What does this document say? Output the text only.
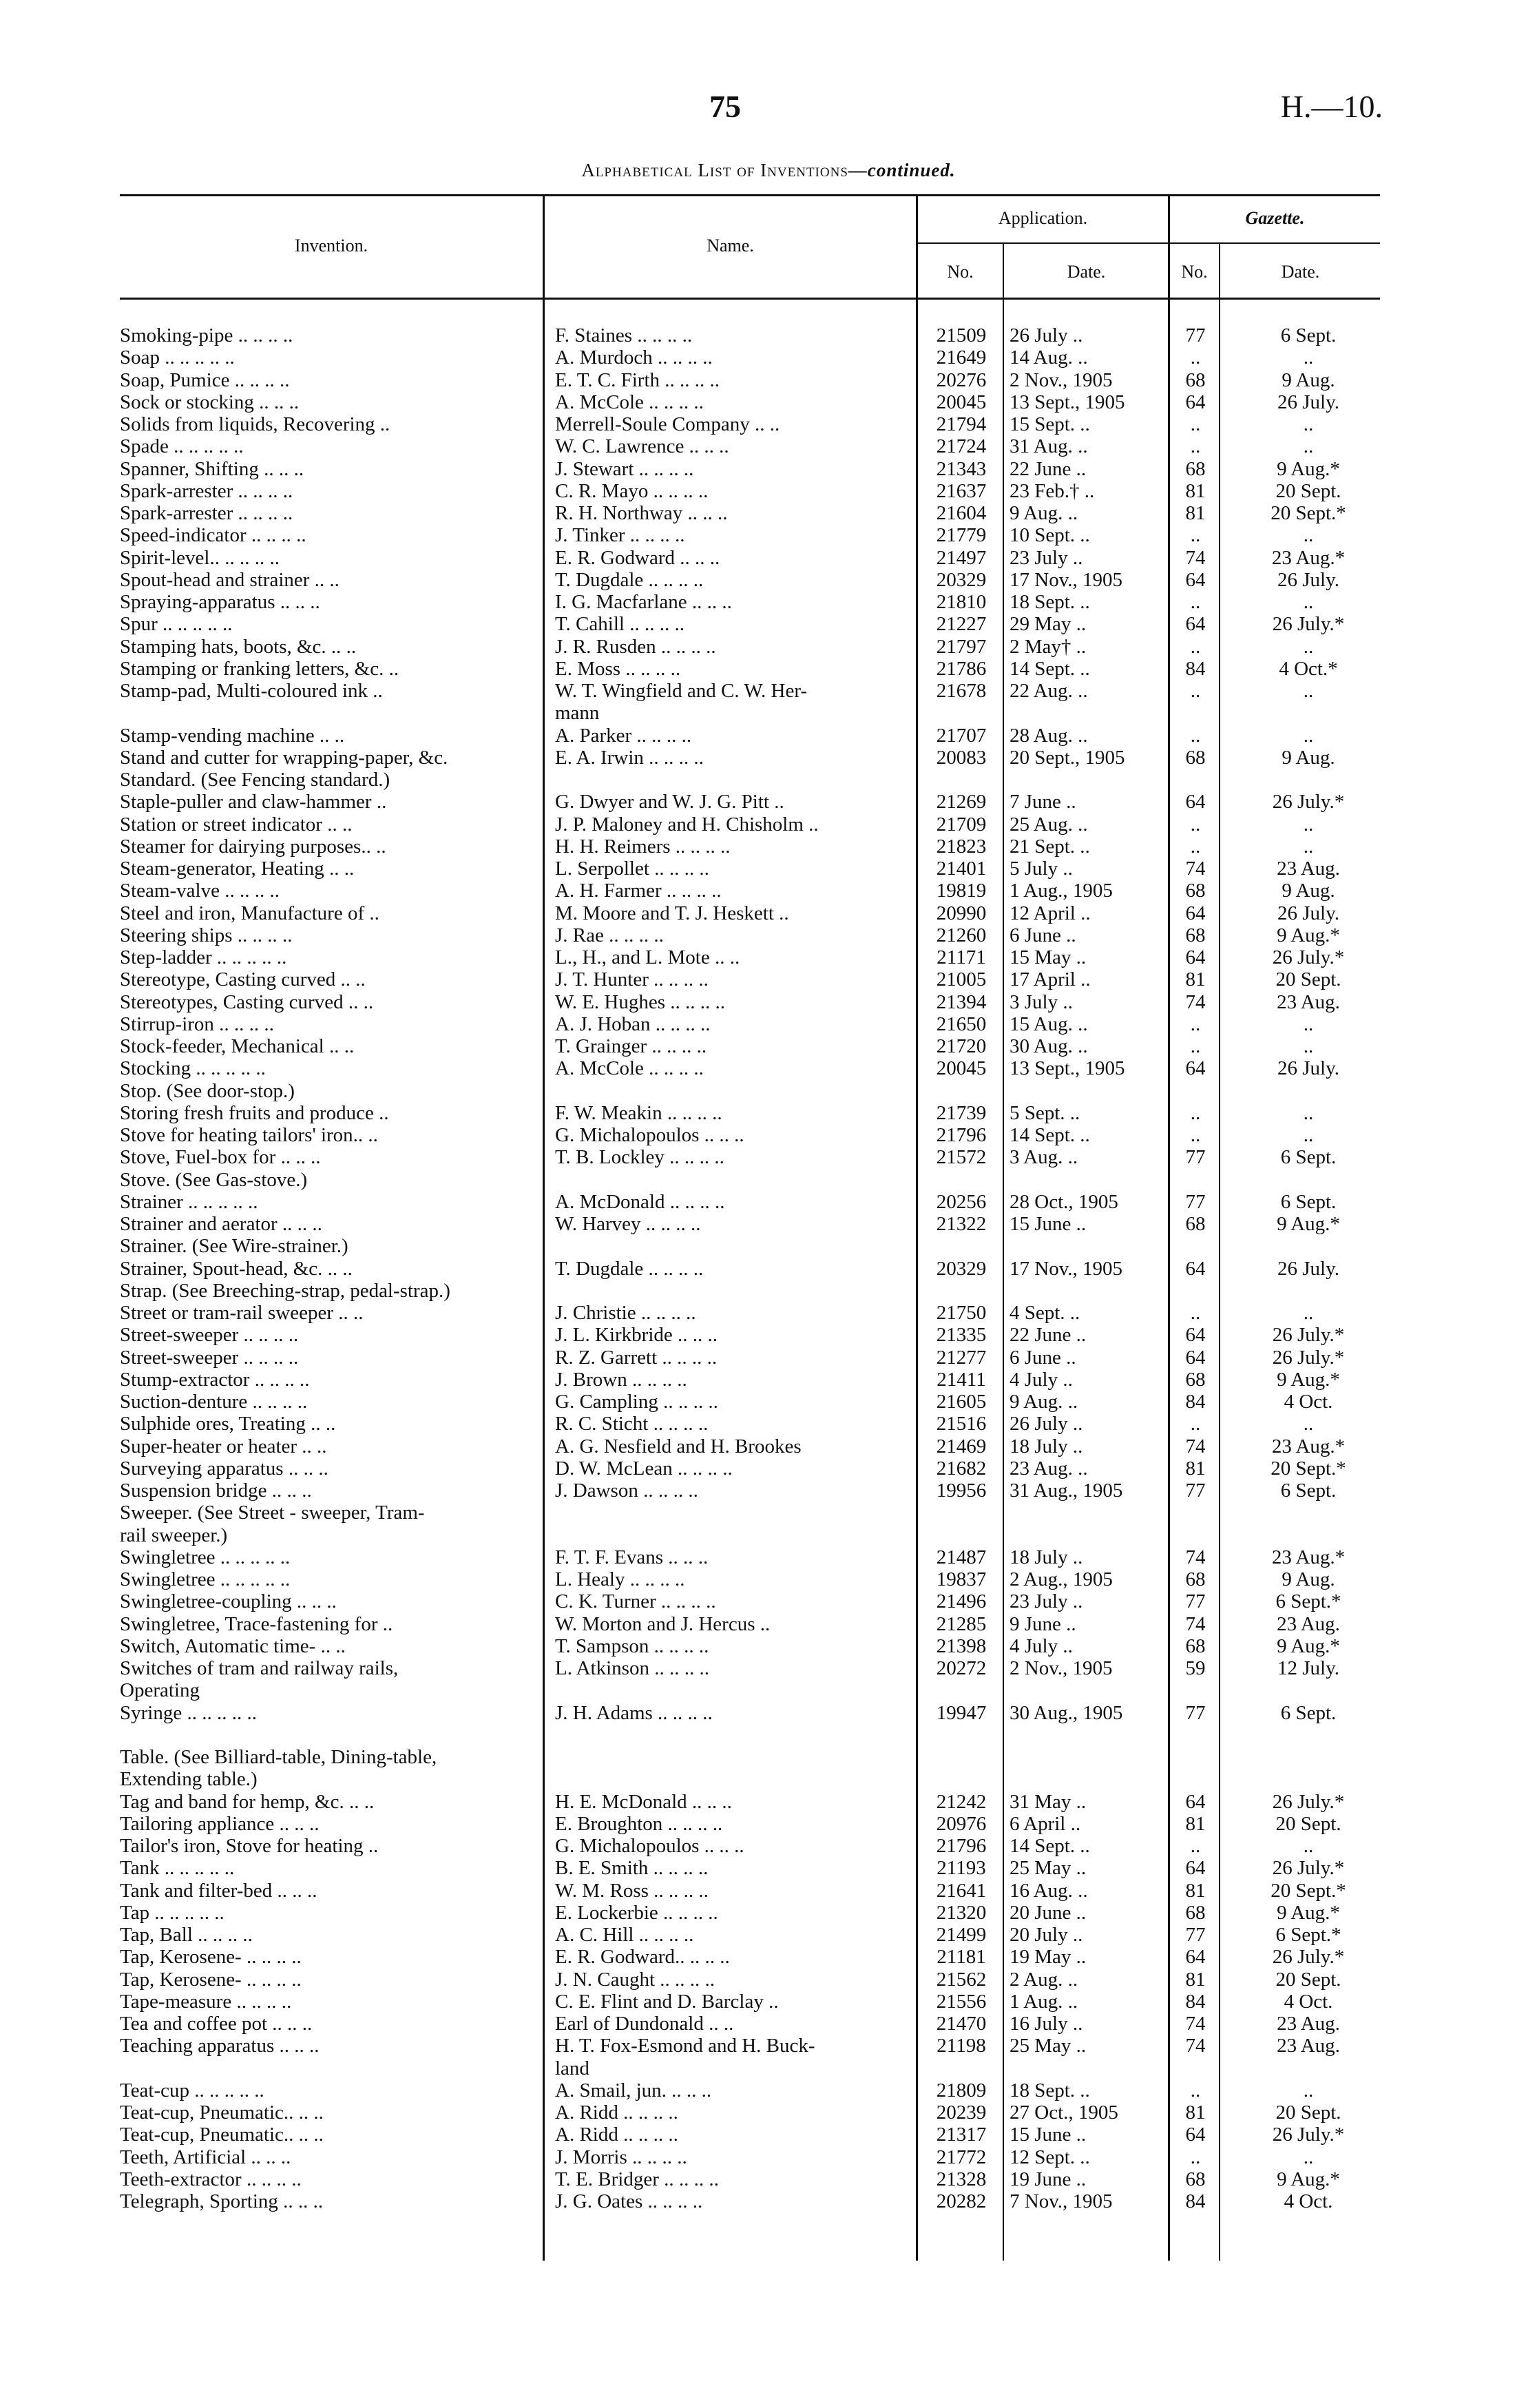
75	H.—10.
Alphabetical List of Inventions—continued.
Invention.	Name.
Application.	Gazette.
No.	Date.	No.	Date.
Smoking-pipe .. .. .. ..	F. Staines .. .. .. ..	21509	26 July ..	77	6 Sept.
Soap .. .. .. .. ..	A. Murdoch .. .. .. ..	21649	14 Aug. ..	..	..
Soap, Pumice .. .. .. ..	E. T. C. Firth .. .. .. ..	20276	2 Nov., 1905	68	9 Aug.
Sock or stocking .. .. ..	A. McCole .. .. .. ..	20045	13 Sept., 1905	64	26 July.
Solids from liquids, Recovering ..	Merrell-Soule Company .. ..	21794	15 Sept. ..	..	..
Spade .. .. .. .. ..	W. C. Lawrence .. .. ..	21724	31 Aug. ..	..	..
Spanner, Shifting .. .. ..	J. Stewart .. .. .. ..	21343	22 June ..	68	9 Aug.*
Spark-arrester .. .. .. ..	C. R. Mayo .. .. .. ..	21637	23 Feb.† ..	81	20 Sept.
Spark-arrester .. .. .. ..	R. H. Northway .. .. ..	21604	9 Aug. ..	81	20 Sept.*
Speed-indicator .. .. .. ..	J. Tinker .. .. .. ..	21779	10 Sept. ..	..	..
Spirit-level.. .. .. .. ..	E. R. Godward .. .. ..	21497	23 July ..	74	23 Aug.*
Spout-head and strainer .. ..	T. Dugdale .. .. .. ..	20329	17 Nov., 1905	64	26 July.
Spraying-apparatus .. .. ..	I. G. Macfarlane .. .. ..	21810	18 Sept. ..	..	..
Spur .. .. .. .. ..	T. Cahill .. .. .. ..	21227	29 May ..	64	26 July.*
Stamping hats, boots, &c. .. ..	J. R. Rusden .. .. .. ..	21797	2 May† ..	..	..
Stamping or franking letters, &c. ..	E. Moss .. .. .. ..	21786	14 Sept. ..	84	4 Oct.*
Stamp-pad, Multi-coloured ink ..	W. T. Wingfield and C. W. Her-	21678	22 Aug. ..	..	..
mann
Stamp-vending machine .. ..	A. Parker .. .. .. ..	21707	28 Aug. ..	..	..
Stand and cutter for wrapping-paper, &c.	E. A. Irwin .. .. .. ..	20083	20 Sept., 1905	68	9 Aug.
Standard. (See Fencing standard.)
Staple-puller and claw-hammer ..	G. Dwyer and W. J. G. Pitt ..	21269	7 June ..	64	26 July.*
Station or street indicator .. ..	J. P. Maloney and H. Chisholm ..	21709	25 Aug. ..	..	..
Steamer for dairying purposes.. ..	H. H. Reimers .. .. .. ..	21823	21 Sept. ..	..	..
Steam-generator, Heating .. ..	L. Serpollet .. .. .. ..	21401	5 July ..	74	23 Aug.
Steam-valve .. .. .. ..	A. H. Farmer .. .. .. ..	19819	1 Aug., 1905	68	9 Aug.
Steel and iron, Manufacture of ..	M. Moore and T. J. Heskett ..	20990	12 April ..	64	26 July.
Steering ships .. .. .. ..	J. Rae .. .. .. ..	21260	6 June ..	68	9 Aug.*
Step-ladder .. .. .. .. ..	L., H., and L. Mote .. ..	21171	15 May ..	64	26 July.*
Stereotype, Casting curved .. ..	J. T. Hunter .. .. .. ..	21005	17 April ..	81	20 Sept.
Stereotypes, Casting curved .. ..	W. E. Hughes .. .. .. ..	21394	3 July ..	74	23 Aug.
Stirrup-iron .. .. .. ..	A. J. Hoban .. .. .. ..	21650	15 Aug. ..	..	..
Stock-feeder, Mechanical .. ..	T. Grainger .. .. .. ..	21720	30 Aug. ..	..	..
Stocking .. .. .. .. ..	A. McCole .. .. .. ..	20045	13 Sept., 1905	64	26 July.
Stop. (See door-stop.)
Storing fresh fruits and produce ..	F. W. Meakin .. .. .. ..	21739	5 Sept. ..	..	..
Stove for heating tailors' iron.. ..	G. Michalopoulos .. .. ..	21796	14 Sept. ..	..	..
Stove, Fuel-box for .. .. ..	T. B. Lockley .. .. .. ..	21572	3 Aug. ..	77	6 Sept.
Stove. (See Gas-stove.)
Strainer .. .. .. .. ..	A. McDonald .. .. .. ..	20256	28 Oct., 1905	77	6 Sept.
Strainer and aerator .. .. ..	W. Harvey .. .. .. ..	21322	15 June ..	68	9 Aug.*
Strainer. (See Wire-strainer.)
Strainer, Spout-head, &c. .. ..	T. Dugdale .. .. .. ..	20329	17 Nov., 1905	64	26 July.
Strap. (See Breeching-strap, pedal-strap.)
Street or tram-rail sweeper .. ..	J. Christie .. .. .. ..	21750	4 Sept. ..	..	..
Street-sweeper .. .. .. ..	J. L. Kirkbride .. .. ..	21335	22 June ..	64	26 July.*
Street-sweeper .. .. .. ..	R. Z. Garrett .. .. .. ..	21277	6 June ..	64	26 July.*
Stump-extractor .. .. .. ..	J. Brown .. .. .. ..	21411	4 July ..	68	9 Aug.*
Suction-denture .. .. .. ..	G. Campling .. .. .. ..	21605	9 Aug. ..	84	4 Oct.
Sulphide ores, Treating .. ..	R. C. Sticht .. .. .. ..	21516	26 July ..	..	..
Super-heater or heater .. ..	A. G. Nesfield and H. Brookes	21469	18 July ..	74	23 Aug.*
Surveying apparatus .. .. ..	D. W. McLean .. .. .. ..	21682	23 Aug. ..	81	20 Sept.*
Suspension bridge .. .. ..	J. Dawson .. .. .. ..	19956	31 Aug., 1905	77	6 Sept.
Sweeper. (See Street - sweeper, Tram-
rail sweeper.)
Swingletree .. .. .. .. ..	F. T. F. Evans .. .. ..	21487	18 July ..	74	23 Aug.*
Swingletree .. .. .. .. ..	L. Healy .. .. .. ..	19837	2 Aug., 1905	68	9 Aug.
Swingletree-coupling .. .. ..	C. K. Turner .. .. .. ..	21496	23 July ..	77	6 Sept.*
Swingletree, Trace-fastening for ..	W. Morton and J. Hercus ..	21285	9 June ..	74	23 Aug.
Switch, Automatic time- .. ..	T. Sampson .. .. .. ..	21398	4 July ..	68	9 Aug.*
Switches of tram and railway rails,	L. Atkinson .. .. .. ..	20272	2 Nov., 1905	59	12 July.
Operating
Syringe .. .. .. .. ..	J. H. Adams .. .. .. ..	19947	30 Aug., 1905	77	6 Sept.
Table. (See Billiard-table, Dining-table,
Extending table.)
Tag and band for hemp, &c. .. ..	H. E. McDonald .. .. ..	21242	31 May ..	64	26 July.*
Tailoring appliance .. .. ..	E. Broughton .. .. .. ..	20976	6 April ..	81	20 Sept.
Tailor's iron, Stove for heating ..	G. Michalopoulos .. .. ..	21796	14 Sept. ..	..	..
Tank .. .. .. .. ..	B. E. Smith .. .. .. ..	21193	25 May ..	64	26 July.*
Tank and filter-bed .. .. ..	W. M. Ross .. .. .. ..	21641	16 Aug. ..	81	20 Sept.*
Tap .. .. .. .. ..	E. Lockerbie .. .. .. ..	21320	20 June ..	68	9 Aug.*
Tap, Ball .. .. .. ..	A. C. Hill .. .. .. ..	21499	20 July ..	77	6 Sept.*
Tap, Kerosene- .. .. .. ..	E. R. Godward.. .. .. ..	21181	19 May ..	64	26 July.*
Tap, Kerosene- .. .. .. ..	J. N. Caught .. .. .. ..	21562	2 Aug. ..	81	20 Sept.
Tape-measure .. .. .. ..	C. E. Flint and D. Barclay ..	21556	1 Aug. ..	84	4 Oct.
Tea and coffee pot .. .. ..	Earl of Dundonald .. ..	21470	16 July ..	74	23 Aug.
Teaching apparatus .. .. ..	H. T. Fox-Esmond and H. Buck-	21198	25 May ..	74	23 Aug.
land
Teat-cup .. .. .. .. ..	A. Smail, jun. .. .. ..	21809	18 Sept. ..	..	..
Teat-cup, Pneumatic.. .. ..	A. Ridd .. .. .. ..	20239	27 Oct., 1905	81	20 Sept.
Teat-cup, Pneumatic.. .. ..	A. Ridd .. .. .. ..	21317	15 June ..	64	26 July.*
Teeth, Artificial .. .. ..	J. Morris .. .. .. ..	21772	12 Sept. ..	..	..
Teeth-extractor .. .. .. ..	T. E. Bridger .. .. .. ..	21328	19 June ..	68	9 Aug.*
Telegraph, Sporting .. .. ..	J. G. Oates .. .. .. ..	20282	7 Nov., 1905	84	4 Oct.
